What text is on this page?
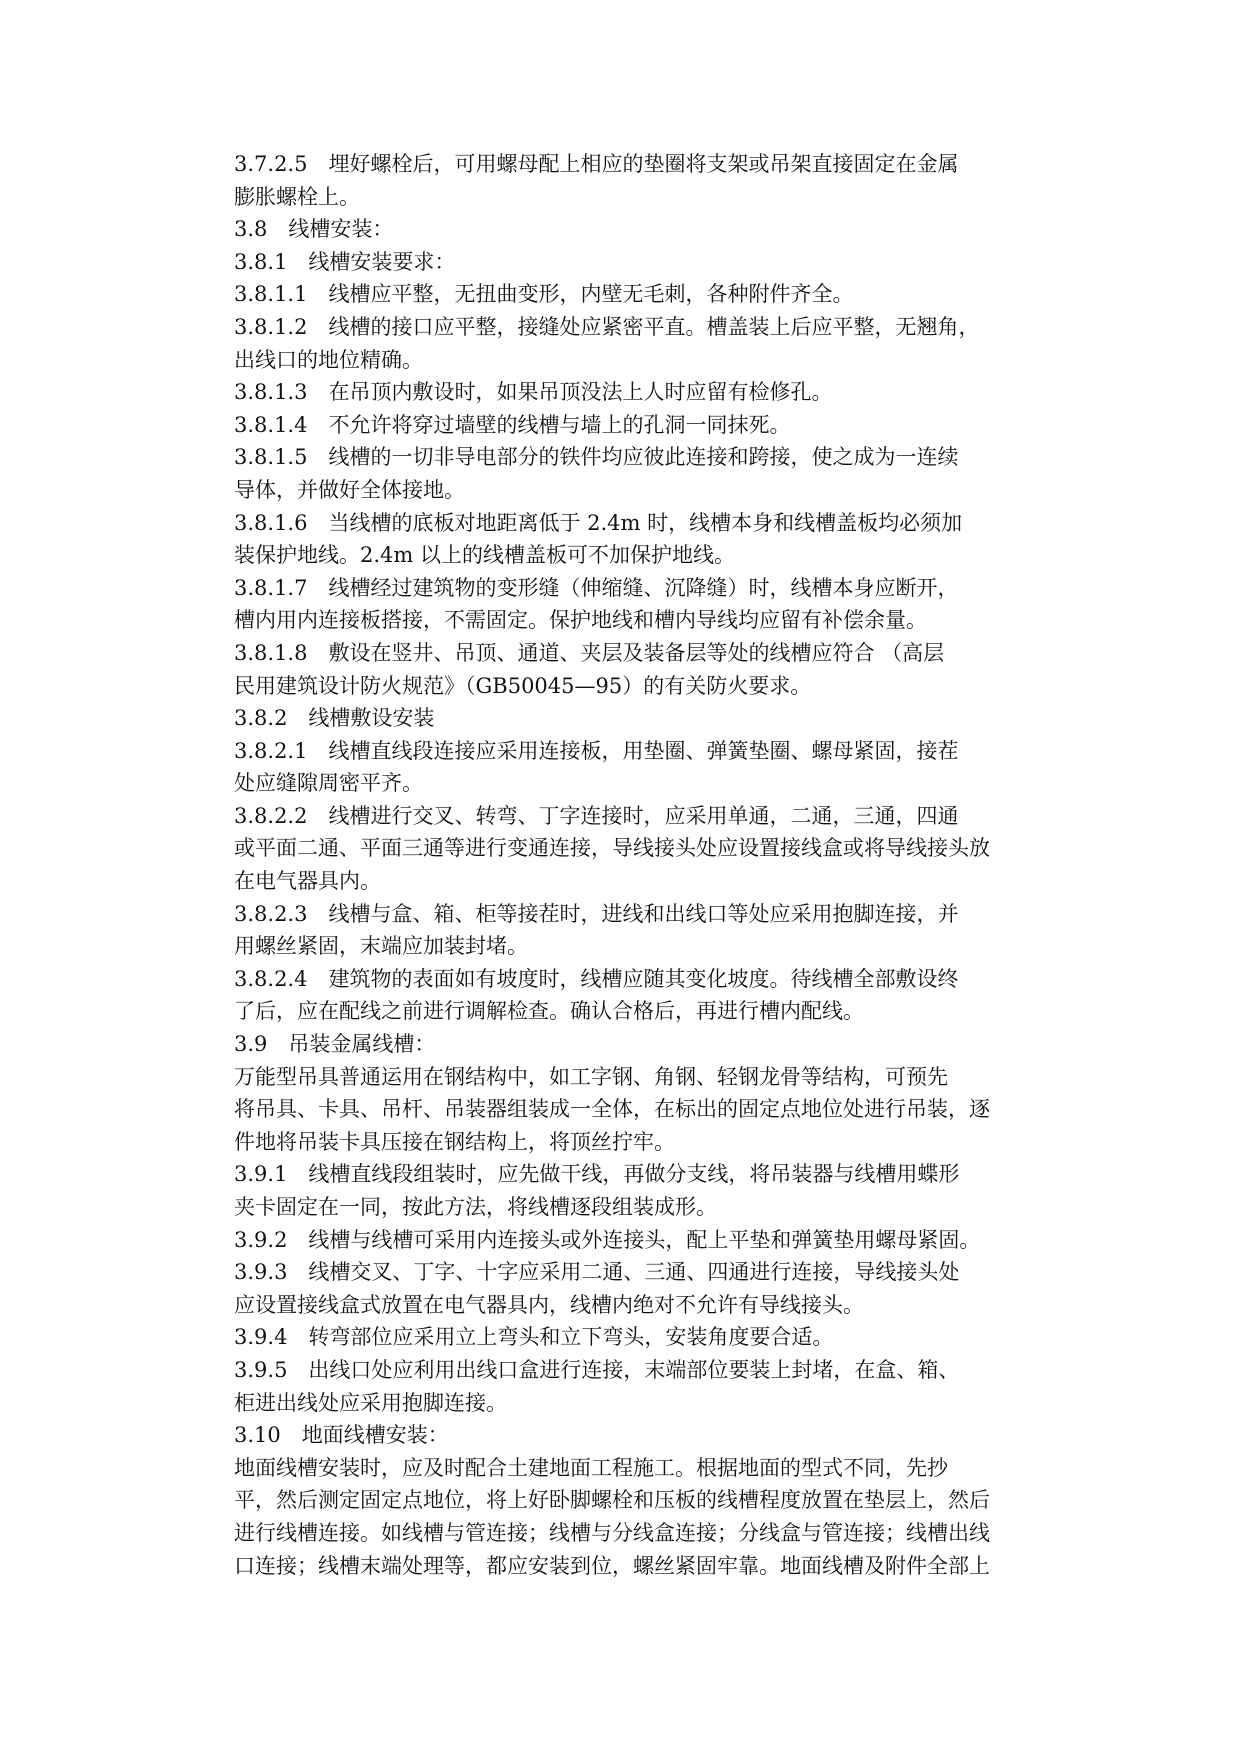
3.7.2.5　埋好螺栓后，可用螺母配上相应的垫圈将支架或吊架直接固定在金属
膨胀螺栓上。
3.8　线槽安装：
3.8.1　线槽安装要求：
3.8.1.1　线槽应平整，无扭曲变形，内壁无毛刺，各种附件齐全。
3.8.1.2　线槽的接口应平整，接缝处应紧密平直。槽盖装上后应平整，无翘角，
出线口的地位精确。
3.8.1.3　在吊顶内敷设时，如果吊顶没法上人时应留有检修孔。
3.8.1.4　不允许将穿过墙壁的线槽与墙上的孔洞一同抹死。
3.8.1.5　线槽的一切非导电部分的铁件均应彼此连接和跨接，使之成为一连续
导体，并做好全体接地。
3.8.1.6　当线槽的底板对地距离低于 2.4m 时，线槽本身和线槽盖板均必须加
装保护地线。2.4m 以上的线槽盖板可不加保护地线。
3.8.1.7　线槽经过建筑物的变形缝（伸缩缝、沉降缝）时，线槽本身应断开，
槽内用内连接板搭接，不需固定。保护地线和槽内导线均应留有补偿余量。
3.8.1.8　敷设在竖井、吊顶、通道、夹层及装备层等处的线槽应符合 （高层
民用建筑设计防火规范》（GB50045—95）的有关防火要求。
3.8.2　线槽敷设安装
3.8.2.1　线槽直线段连接应采用连接板，用垫圈、弹簧垫圈、螺母紧固，接茬
处应缝隙周密平齐。
3.8.2.2　线槽进行交叉、转弯、丁字连接时，应采用单通，二通，三通，四通
或平面二通、平面三通等进行变通连接，导线接头处应设置接线盒或将导线接头放
在电气器具内。
3.8.2.3　线槽与盒、箱、柜等接茬时，进线和出线口等处应采用抱脚连接，并
用螺丝紧固，末端应加装封堵。
3.8.2.4　建筑物的表面如有坡度时，线槽应随其变化坡度。待线槽全部敷设终
了后，应在配线之前进行调解检查。确认合格后，再进行槽内配线。
3.9　吊装金属线槽：
万能型吊具普通运用在钢结构中，如工字钢、角钢、轻钢龙骨等结构，可预先
将吊具、卡具、吊杆、吊装器组装成一全体，在标出的固定点地位处进行吊装，逐
件地将吊装卡具压接在钢结构上，将顶丝拧牢。
3.9.1　线槽直线段组装时，应先做干线，再做分支线，将吊装器与线槽用蝶形
夹卡固定在一同，按此方法，将线槽逐段组装成形。
3.9.2　线槽与线槽可采用内连接头或外连接头，配上平垫和弹簧垫用螺母紧固。
3.9.3　线槽交叉、丁字、十字应采用二通、三通、四通进行连接，导线接头处
应设置接线盒式放置在电气器具内，线槽内绝对不允许有导线接头。
3.9.4　转弯部位应采用立上弯头和立下弯头，安装角度要合适。
3.9.5　出线口处应利用出线口盒进行连接，末端部位要装上封堵，在盒、箱、
柜进出线处应采用抱脚连接。
3.10　地面线槽安装：
地面线槽安装时，应及时配合土建地面工程施工。根据地面的型式不同，先抄
平，然后测定固定点地位，将上好卧脚螺栓和压板的线槽程度放置在垫层上，然后
进行线槽连接。如线槽与管连接；线槽与分线盒连接；分线盒与管连接；线槽出线
口连接；线槽末端处理等，都应安装到位，螺丝紧固牢靠。地面线槽及附件全部上
